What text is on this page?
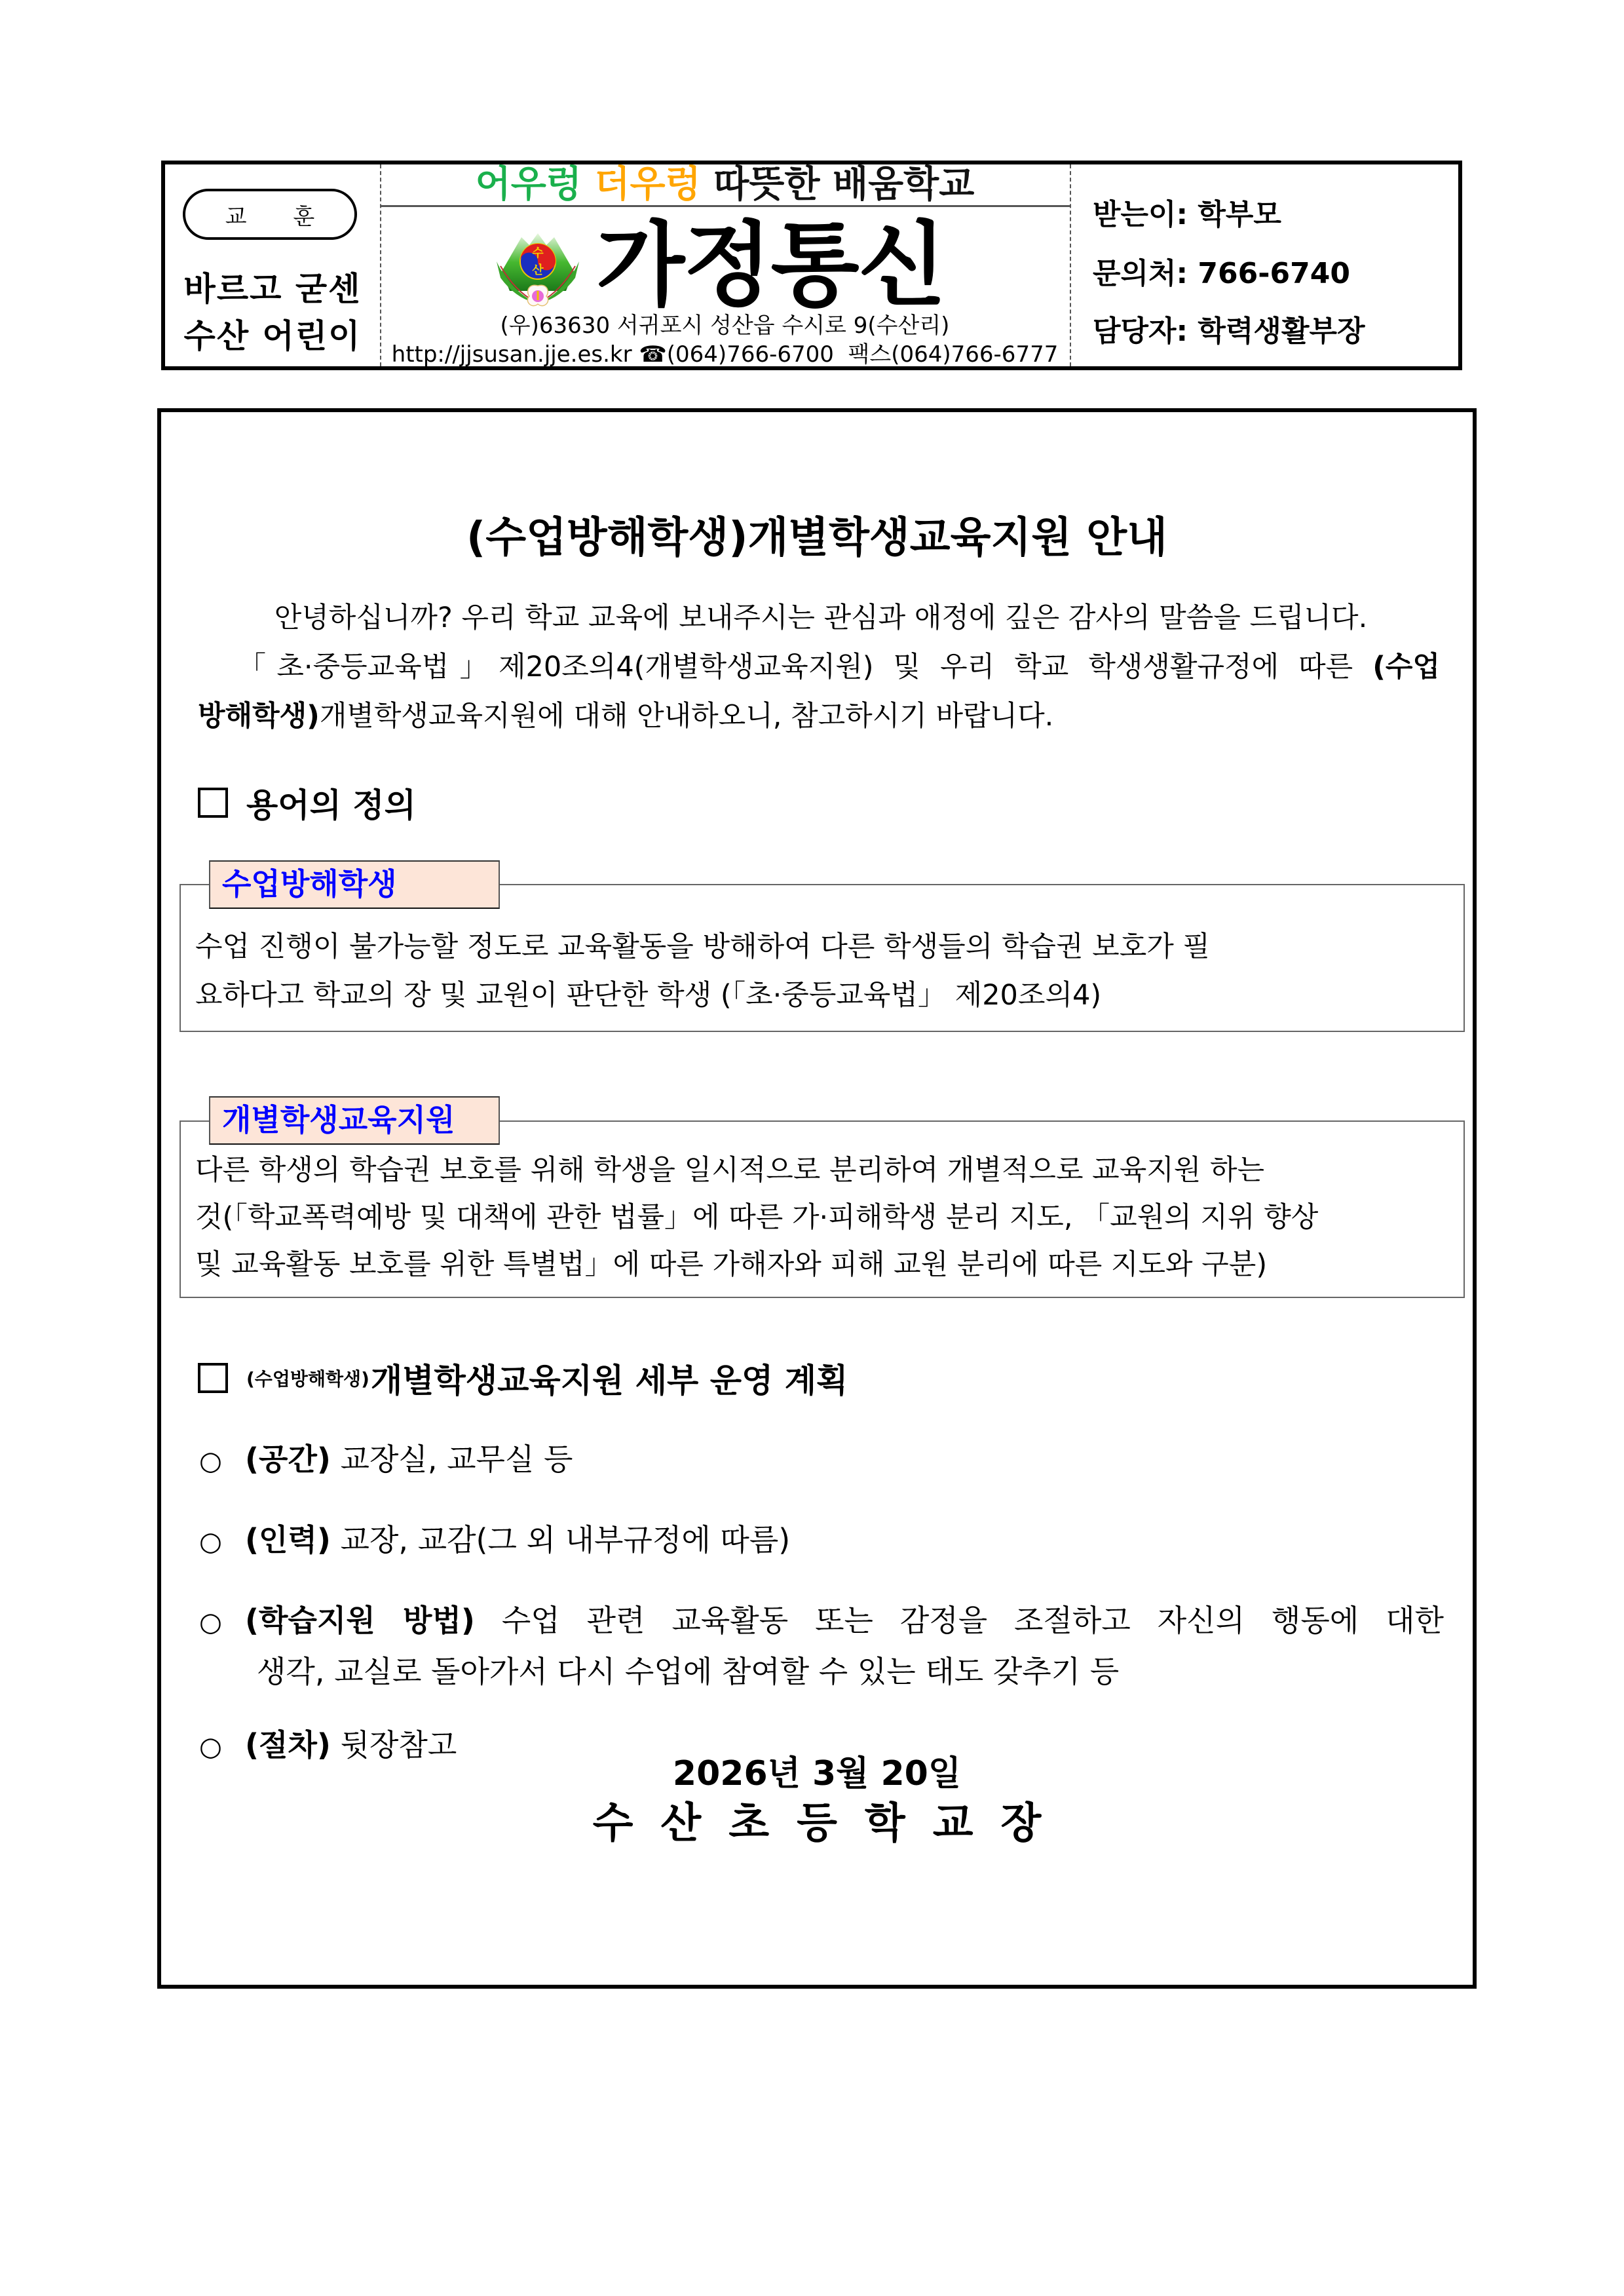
교 훈
바르고 굳센
수산 어린이
어우렁 더우렁 따뜻한 배움학교
수
산 가정통신
(우)63630 서귀포시 성산읍 수시로 9(수산리)
http://jjsusan.jje.es.kr ☎(064)766-6700 팩스(064)766-6777
받는이: 학부모
문의처: 766-6740
담당자: 학력생활부장
(수업방해학생)개별학생교육지원 안내
안녕하십니까? 우리 학교 교육에 보내주시는 관심과 애정에 깊은 감사의 말씀을 드립니다.
「초·중등교육법」제20조의4(개별학생교육지원) 및 우리 학교 학생생활규정에 따른 (수업
방해학생)개별학생교육지원에 대해 안내하오니, 참고하시기 바랍니다.
용어의 정의
수업 진행이 불가능할 정도로 교육활동을 방해하여 다른 학생들의 학습권 보호가 필
요하다고 학교의 장 및 교원이 판단한 학생 (「초·중등교육법」 제20조의4)
수업방해학생
다른 학생의 학습권 보호를 위해 학생을 일시적으로 분리하여 개별적으로 교육지원 하는
것(「학교폭력예방 및 대책에 관한 법률」에 따른 가·피해학생 분리 지도, 「교원의 지위 향상
및 교육활동 보호를 위한 특별법」에 따른 가해자와 피해 교원 분리에 따른 지도와 구분)
개별학생교육지원
(수업방해학생) 개별학생교육지원 세부 운영 계획
○ (공간) 교장실, 교무실 등
○ (인력) 교장, 교감(그 외 내부규정에 따름)
○ (학습지원 방법) 수업 관련 교육활동 또는 감정을 조절하고 자신의 행동에 대한
생각, 교실로 돌아가서 다시 수업에 참여할 수 있는 태도 갖추기 등
○ (절차) 뒷장참고
2026년 3월 20일
수산초등학교장
